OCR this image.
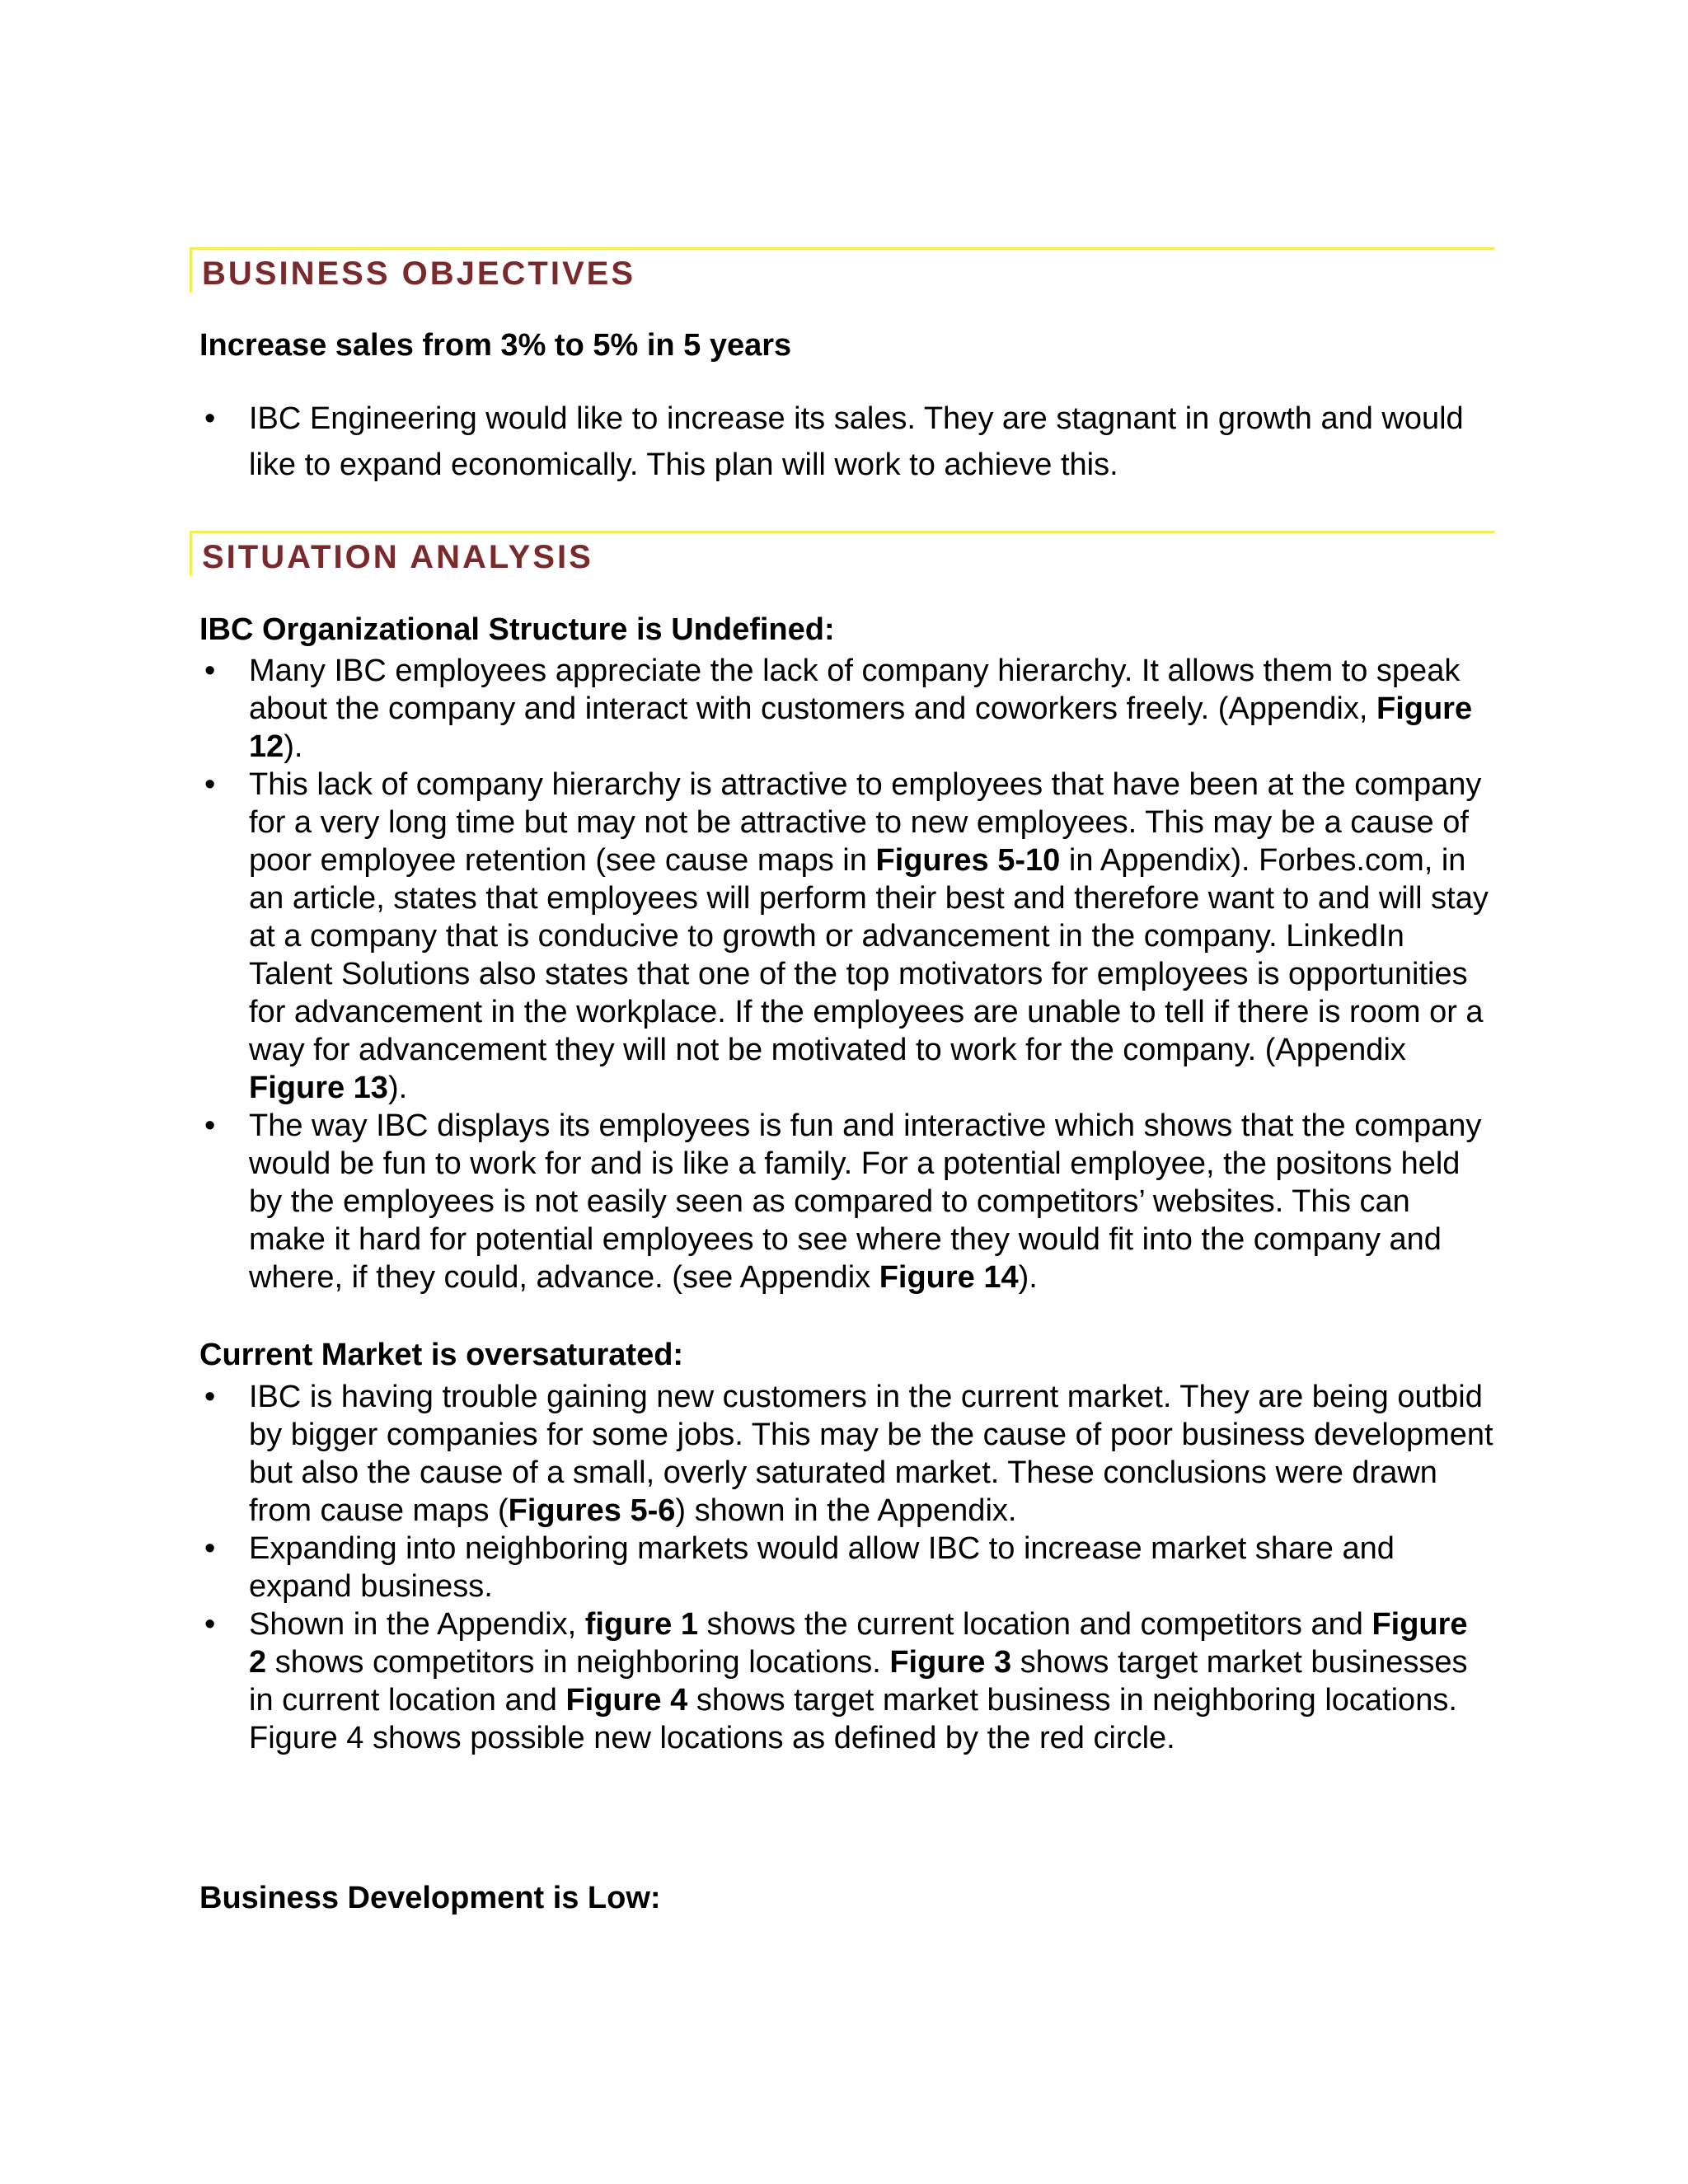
BUSINESS OBJECTIVES
Increase sales from 3% to 5% in 5 years
• IBC Engineering would like to increase its sales. They are stagnant in growth and would like to expand economically. This plan will work to achieve this.
SITUATION ANALYSIS
IBC Organizational Structure is Undefined:
• Many IBC employees appreciate the lack of company hierarchy. It allows them to speak about the company and interact with customers and coworkers freely. (Appendix, Figure 12).
• This lack of company hierarchy is attractive to employees that have been at the company for a very long time but may not be attractive to new employees. This may be a cause of poor employee retention (see cause maps in Figures 5-10 in Appendix). Forbes.com, in an article, states that employees will perform their best and therefore want to and will stay at a company that is conducive to growth or advancement in the company. LinkedIn Talent Solutions also states that one of the top motivators for employees is opportunities for advancement in the workplace. If the employees are unable to tell if there is room or a way for advancement they will not be motivated to work for the company. (Appendix Figure 13).
• The way IBC displays its employees is fun and interactive which shows that the company would be fun to work for and is like a family. For a potential employee, the positons held by the employees is not easily seen as compared to competitors’ websites. This can make it hard for potential employees to see where they would fit into the company and where, if they could, advance. (see Appendix Figure 14).
Current Market is oversaturated:
• IBC is having trouble gaining new customers in the current market. They are being outbid by bigger companies for some jobs. This may be the cause of poor business development but also the cause of a small, overly saturated market. These conclusions were drawn from cause maps (Figures 5-6) shown in the Appendix.
• Expanding into neighboring markets would allow IBC to increase market share and expand business.
• Shown in the Appendix, figure 1 shows the current location and competitors and Figure 2 shows competitors in neighboring locations. Figure 3 shows target market businesses in current location and Figure 4 shows target market business in neighboring locations. Figure 4 shows possible new locations as defined by the red circle.
Business Development is Low:
